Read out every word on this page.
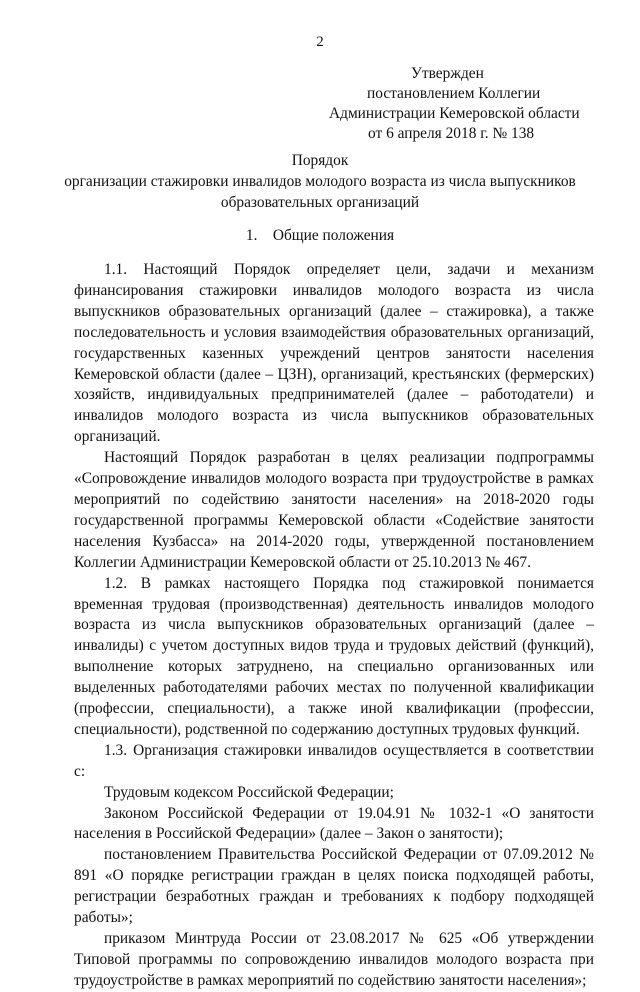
2
Утвержден
постановлением Коллегии
Администрации Кемеровской области
от 6 апреля 2018 г. № 138
Порядок
организации стажировки инвалидов молодого возраста из числа выпускников
образовательных организаций
1.    Общие положения

1.1. Настоящий Порядок определяет цели, задачи и механизм финансирования стажировки инвалидов молодого возраста из числа выпускников образовательных организаций (далее – стажировка), а также последовательность и условия взаимодействия образовательных организаций, государственных казенных учреждений центров занятости населения Кемеровской области (далее – ЦЗН), организаций, крестьянских (фермерских) хозяйств, индивидуальных предпринимателей (далее – работодатели) и инвалидов молодого возраста из числа выпускников образовательных организаций.

Настоящий Порядок разработан в целях реализации подпрограммы «Сопровождение инвалидов молодого возраста при трудоустройстве в рамках мероприятий по содействию занятости населения» на 2018-2020 годы государственной программы Кемеровской области «Содействие занятости населения Кузбасса» на 2014-2020 годы, утвержденной постановлением Коллегии Администрации Кемеровской области от 25.10.2013 № 467.

1.2. В рамках настоящего Порядка под стажировкой понимается временная трудовая (производственная) деятельность инвалидов молодого возраста из числа выпускников образовательных организаций (далее – инвалиды) с учетом доступных видов труда и трудовых действий (функций), выполнение которых затруднено, на специально организованных или выделенных работодателями рабочих местах по полученной квалификации (профессии, специальности), а также иной квалификации (профессии, специальности), родственной по содержанию доступных трудовых функций.

1.3. Организация стажировки инвалидов осуществляется в соответствии с:

Трудовым кодексом Российской Федерации;

Законом Российской Федерации от 19.04.91 № 1032-1 «О занятости населения в Российской Федерации» (далее – Закон о занятости);

постановлением Правительства Российской Федерации от 07.09.2012 № 891 «О порядке регистрации граждан в целях поиска подходящей работы, регистрации безработных граждан и требованиях к подбору подходящей работы»;

приказом Минтруда России от 23.08.2017 № 625 «Об утверждении Типовой программы по сопровождению инвалидов молодого возраста при трудоустройстве в рамках мероприятий по содействию занятости населения»;
